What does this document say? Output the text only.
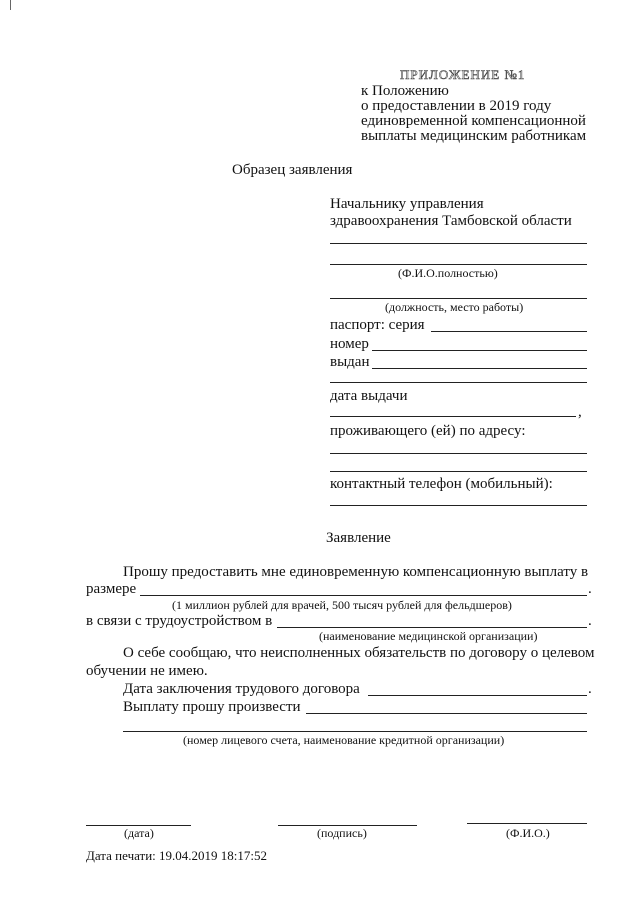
ПРИЛОЖЕНИЕ №1
к Положению
о предоставлении в 2019 году
единовременной компенсационной
выплаты медицинским работникам
Образец заявления
Начальнику управления
здравоохранения Тамбовской области
(Ф.И.О.полностью)
(должность, место работы)
паспорт: серия
номер
выдан
дата выдачи
,
проживающего (ей) по адресу:
контактный телефон (мобильный):
Заявление
Прошу предоставить мне единовременную компенсационную выплату в
размере	.
(1 миллион рублей для врачей, 500 тысяч рублей для фельдшеров)
в связи с трудоустройством в	.
(наименование медицинской организации)
О себе сообщаю, что неисполненных обязательств по договору о целевом
обучении не имею.
Дата заключения трудового договора	.
Выплату прошу произвести
(номер лицевого счета, наименование кредитной организации)
(дата)	(подпись)	(Ф.И.О.)
Дата печати: 19.04.2019 18:17:52
